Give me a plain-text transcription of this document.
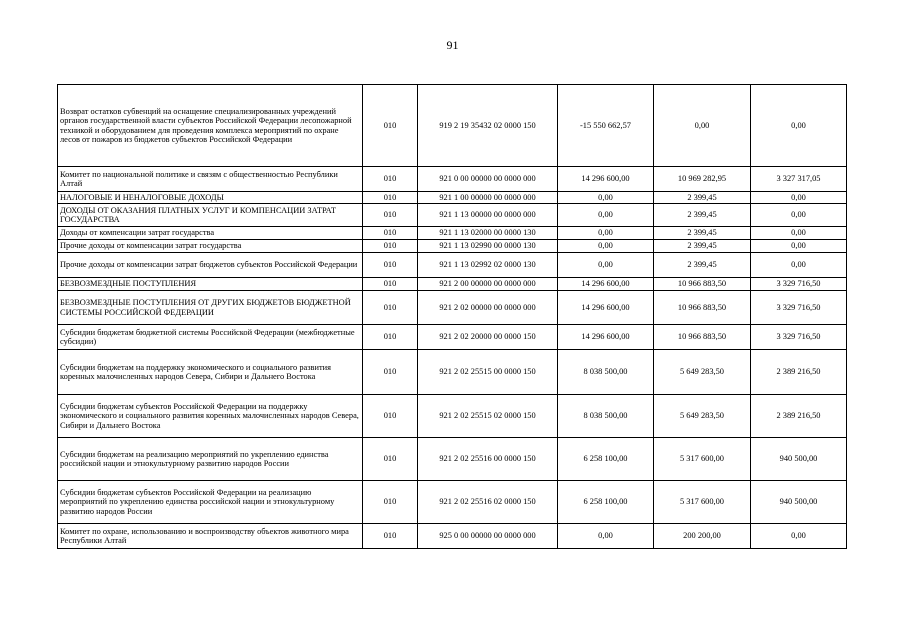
91
Возврат остатков субвенций на оснащение специализированных учреждений органов государственной власти субъектов Российской Федерации лесопожарной техникой и оборудованием для проведения комплекса мероприятий по охране лесов от пожаров из бюджетов субъектов Российской Федерации	010	919 2 19 35432 02 0000 150	-15 550 662,57	0,00	0,00
Комитет по национальной политике и связям с общественностью Республики Алтай	010	921 0 00 00000 00 0000 000	14 296 600,00	10 969 282,95	3 327 317,05
НАЛОГОВЫЕ И НЕНАЛОГОВЫЕ ДОХОДЫ	010	921 1 00 00000 00 0000 000	0,00	2 399,45	0,00
ДОХОДЫ ОТ ОКАЗАНИЯ ПЛАТНЫХ УСЛУГ И КОМПЕНСАЦИИ ЗАТРАТ ГОСУДАРСТВА	010	921 1 13 00000 00 0000 000	0,00	2 399,45	0,00
Доходы от компенсации затрат государства	010	921 1 13 02000 00 0000 130	0,00	2 399,45	0,00
Прочие доходы от компенсации затрат государства	010	921 1 13 02990 00 0000 130	0,00	2 399,45	0,00
Прочие доходы от компенсации затрат бюджетов субъектов Российской Федерации	010	921 1 13 02992 02 0000 130	0,00	2 399,45	0,00
БЕЗВОЗМЕЗДНЫЕ ПОСТУПЛЕНИЯ	010	921 2 00 00000 00 0000 000	14 296 600,00	10 966 883,50	3 329 716,50
БЕЗВОЗМЕЗДНЫЕ ПОСТУПЛЕНИЯ ОТ ДРУГИХ БЮДЖЕТОВ БЮДЖЕТНОЙ СИСТЕМЫ РОССИЙСКОЙ ФЕДЕРАЦИИ	010	921 2 02 00000 00 0000 000	14 296 600,00	10 966 883,50	3 329 716,50
Субсидии бюджетам бюджетной системы Российской Федерации (межбюджетные субсидии)	010	921 2 02 20000 00 0000 150	14 296 600,00	10 966 883,50	3 329 716,50
Субсидии бюджетам на поддержку экономического и социального развития коренных малочисленных народов Севера, Сибири и Дальнего Востока	010	921 2 02 25515 00 0000 150	8 038 500,00	5 649 283,50	2 389 216,50
Субсидии бюджетам субъектов Российской Федерации на поддержку экономического и социального развития коренных малочисленных народов Севера, Сибири и Дальнего Востока	010	921 2 02 25515 02 0000 150	8 038 500,00	5 649 283,50	2 389 216,50
Субсидии бюджетам на реализацию мероприятий по укреплению единства российской нации и этнокультурному развитию народов России	010	921 2 02 25516 00 0000 150	6 258 100,00	5 317 600,00	940 500,00
Субсидии бюджетам субъектов Российской Федерации на реализацию мероприятий по укреплению единства российской нации и этнокультурному развитию народов России	010	921 2 02 25516 02 0000 150	6 258 100,00	5 317 600,00	940 500,00
Комитет по охране, использованию и воспроизводству объектов животного мира Республики Алтай	010	925 0 00 00000 00 0000 000	0,00	200 200,00	0,00
